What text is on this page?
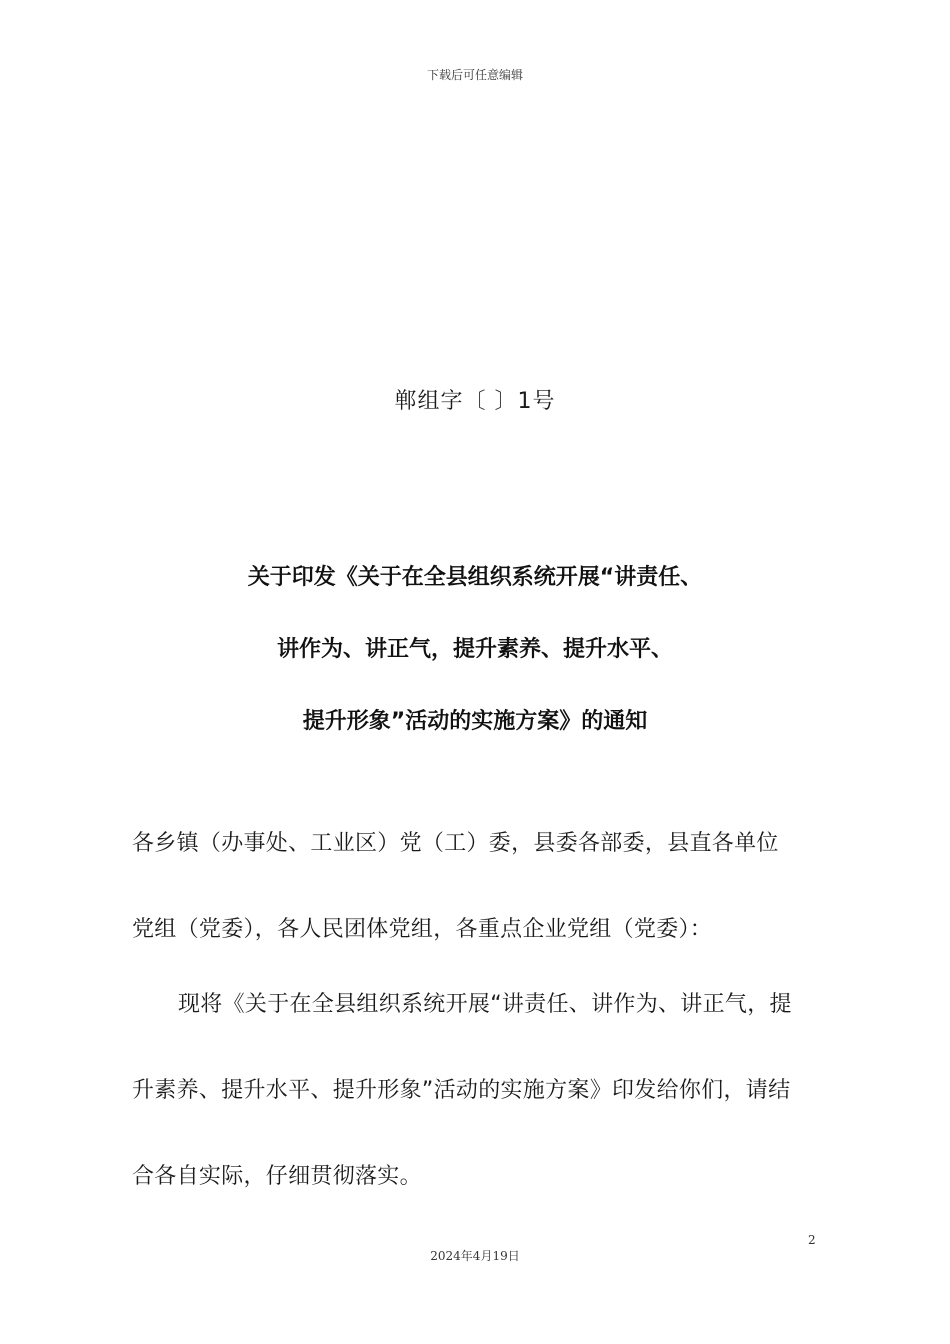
下载后可任意编辑
郸组字〔 〕1号
关于印发《关于在全县组织系统开展“讲责任、
讲作为、讲正气，提升素养、提升水平、
提升形象”活动的实施方案》的通知
各乡镇（办事处、工业区）党（工）委，县委各部委，县直各单位
党组（党委），各人民团体党组，各重点企业党组（党委）：
现将《关于在全县组织系统开展“讲责任、讲作为、讲正气，提
升素养、提升水平、提升形象”活动的实施方案》印发给你们，请结
合各自实际，仔细贯彻落实。
2
2024年4月19日
